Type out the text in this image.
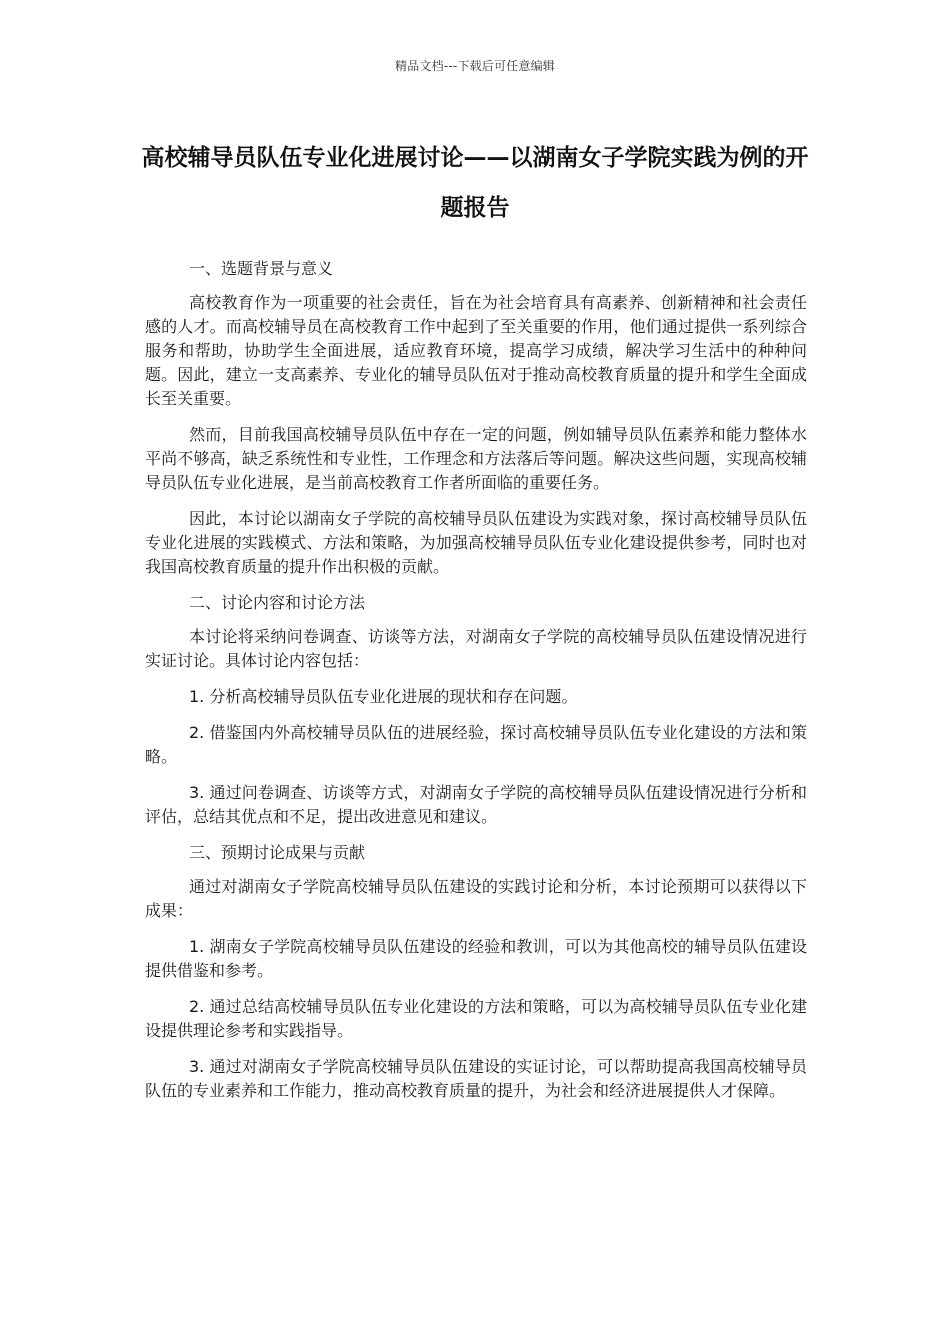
精品文档---下载后可任意编辑
高校辅导员队伍专业化进展讨论——以湖南女子学院实践为例的开题报告

一、选题背景与意义

高校教育作为一项重要的社会责任，旨在为社会培育具有高素养、创新精神和社会责任感的人才。而高校辅导员在高校教育工作中起到了至关重要的作用，他们通过提供一系列综合服务和帮助，协助学生全面进展，适应教育环境，提高学习成绩，解决学习生活中的种种问题。因此，建立一支高素养、专业化的辅导员队伍对于推动高校教育质量的提升和学生全面成长至关重要。

然而，目前我国高校辅导员队伍中存在一定的问题，例如辅导员队伍素养和能力整体水平尚不够高，缺乏系统性和专业性，工作理念和方法落后等问题。解决这些问题，实现高校辅导员队伍专业化进展，是当前高校教育工作者所面临的重要任务。

因此，本讨论以湖南女子学院的高校辅导员队伍建设为实践对象，探讨高校辅导员队伍专业化进展的实践模式、方法和策略，为加强高校辅导员队伍专业化建设提供参考，同时也对我国高校教育质量的提升作出积极的贡献。

二、讨论内容和讨论方法

本讨论将采纳问卷调查、访谈等方法，对湖南女子学院的高校辅导员队伍建设情况进行实证讨论。具体讨论内容包括：

1. 分析高校辅导员队伍专业化进展的现状和存在问题。

2. 借鉴国内外高校辅导员队伍的进展经验，探讨高校辅导员队伍专业化建设的方法和策略。

3. 通过问卷调查、访谈等方式，对湖南女子学院的高校辅导员队伍建设情况进行分析和评估，总结其优点和不足，提出改进意见和建议。

三、预期讨论成果与贡献

通过对湖南女子学院高校辅导员队伍建设的实践讨论和分析，本讨论预期可以获得以下成果：

1. 湖南女子学院高校辅导员队伍建设的经验和教训，可以为其他高校的辅导员队伍建设提供借鉴和参考。

2. 通过总结高校辅导员队伍专业化建设的方法和策略，可以为高校辅导员队伍专业化建设提供理论参考和实践指导。

3. 通过对湖南女子学院高校辅导员队伍建设的实证讨论，可以帮助提高我国高校辅导员队伍的专业素养和工作能力，推动高校教育质量的提升，为社会和经济进展提供人才保障。
